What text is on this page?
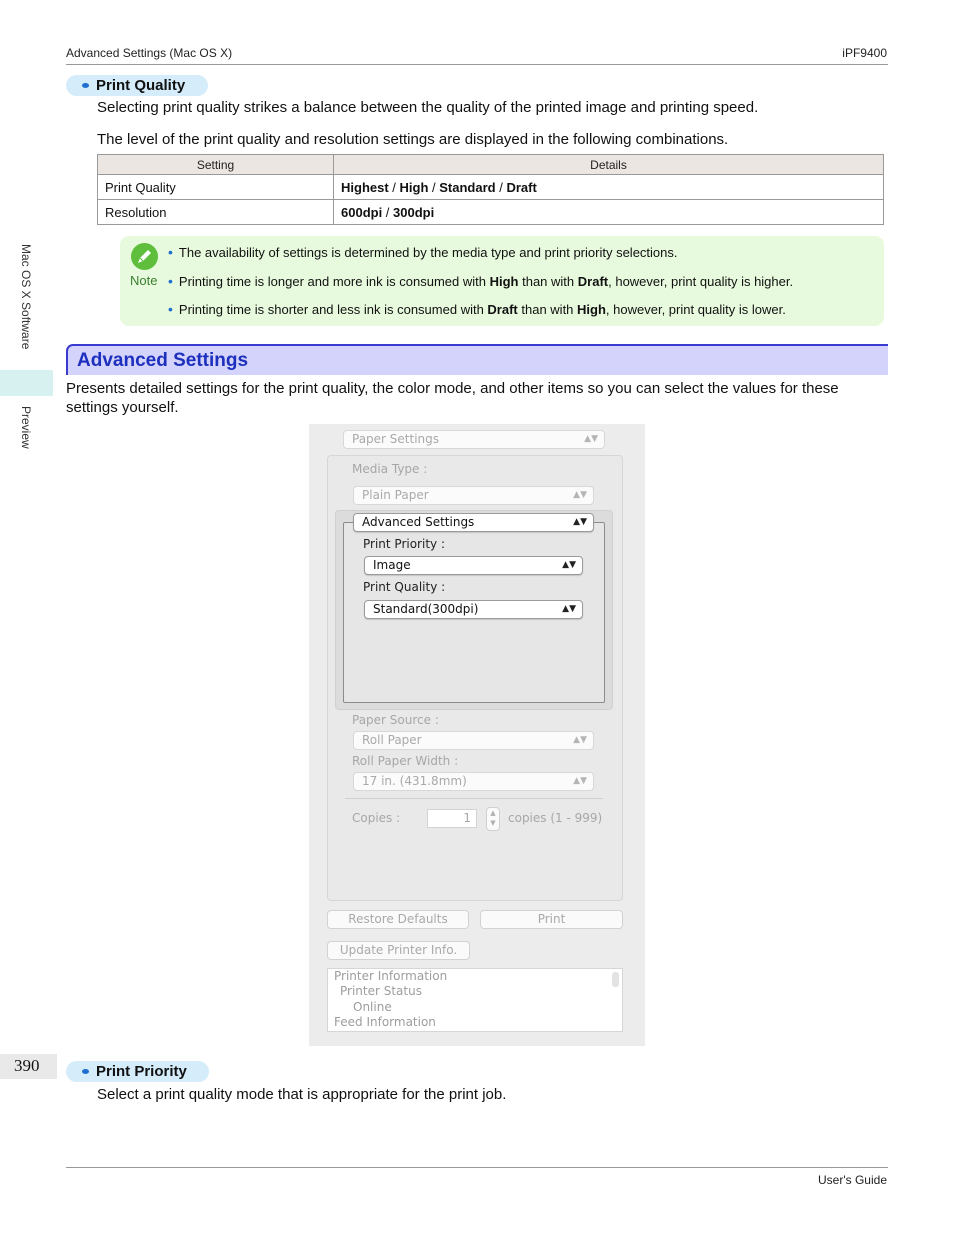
Advanced Settings (Mac OS X)	iPF9400
Mac OS X Software
Preview
390
Print Quality
Selecting print quality strikes a balance between the quality of the printed image and printing speed.
The level of the print quality and resolution settings are displayed in the following combinations.
Setting	Details
Print Quality	Highest / High / Standard / Draft
Resolution	600dpi / 300dpi
Note
• The availability of settings is determined by the media type and print priority selections.
• Printing time is longer and more ink is consumed with High than with Draft, however, print quality is higher.
• Printing time is shorter and less ink is consumed with Draft than with High, however, print quality is lower.
Advanced Settings
Presents detailed settings for the print quality, the color mode, and other items so you can select the values for these settings yourself.
Paper Settings	▲▼
Media Type :
Plain Paper	▲▼
Advanced Settings	▲▼
Print Priority :
Image	▲▼
Print Quality :
Standard(300dpi)	▲▼
Paper Source :
Roll Paper	▲▼
Roll Paper Width :
17 in. (431.8mm)	▲▼
Copies :	1	▲
▼	copies (1 - 999)
Restore Defaults	Print
Update Printer Info.
Printer Information
Printer Status
Online
Feed Information
Print Priority
Select a print quality mode that is appropriate for the print job.
User's Guide
